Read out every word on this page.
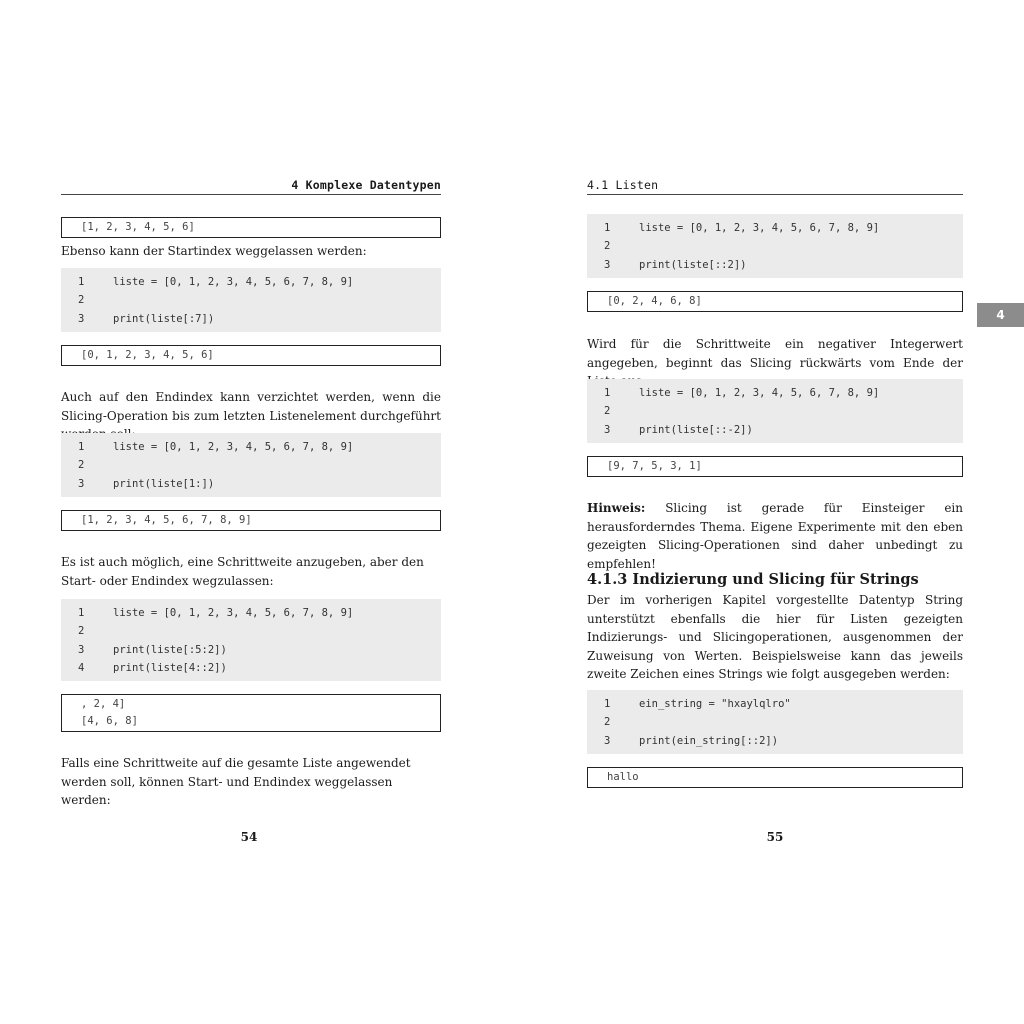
4 Komplexe Datentypen
[1, 2, 3, 4, 5, 6]
Ebenso kann der Startindex weggelassen werden:
1	liste = [0, 1, 2, 3, 4, 5, 6, 7, 8, 9]
2
3	print(liste[:7])
[0, 1, 2, 3, 4, 5, 6]
Auch auf den Endindex kann verzichtet werden, wenn die Slicing-Operation bis zum letzten Listenelement durchgeführt
1	liste = [0, 1, 2, 3, 4, 5, 6, 7, 8, 9]
2
3	print(liste[1:])
[1, 2, 3, 4, 5, 6, 7, 8, 9]
Es ist auch möglich, eine Schrittweite anzugeben, aber den Start- oder Endindex wegzulassen:
1	liste = [0, 1, 2, 3, 4, 5, 6, 7, 8, 9]
2
3	print(liste[:5:2])
4	print(liste[4::2])
, 2, 4]
[4, 6, 8]
Falls eine Schrittweite auf die gesamte Liste angewendet werden soll, können Start- und Endindex weggelassen werden:
54
4.1 Listen
1	liste = [0, 1, 2, 3, 4, 5, 6, 7, 8, 9]
2
3	print(liste[::2])
[0, 2, 4, 6, 8]
Wird für die Schrittweite ein negativer Integerwert angegeben, beginnt das Slicing rückwärts vom Ende der
1	liste = [0, 1, 2, 3, 4, 5, 6, 7, 8, 9]
2
3	print(liste[::-2])
[9, 7, 5, 3, 1]
Hinweis: Slicing ist gerade für Einsteiger ein herausforderndes Thema. Eigene Experimente mit den eben gezeigten Slicing-Operationen sind daher unbedingt zu empfehlen!
4.1.3 Indizierung und Slicing für Strings
Der im vorherigen Kapitel vorgestellte Datentyp String unterstützt ebenfalls die hier für Listen gezeigten Indizierungs- und Slicingoperationen, ausgenommen der Zuweisung von Werten. Beispielsweise kann das jeweils zweite Zeichen eines Strings wie folgt ausgegeben werden:
1	ein_string = "hxaylqlro"
2
3	print(ein_string[::2])
hallo
55
4
